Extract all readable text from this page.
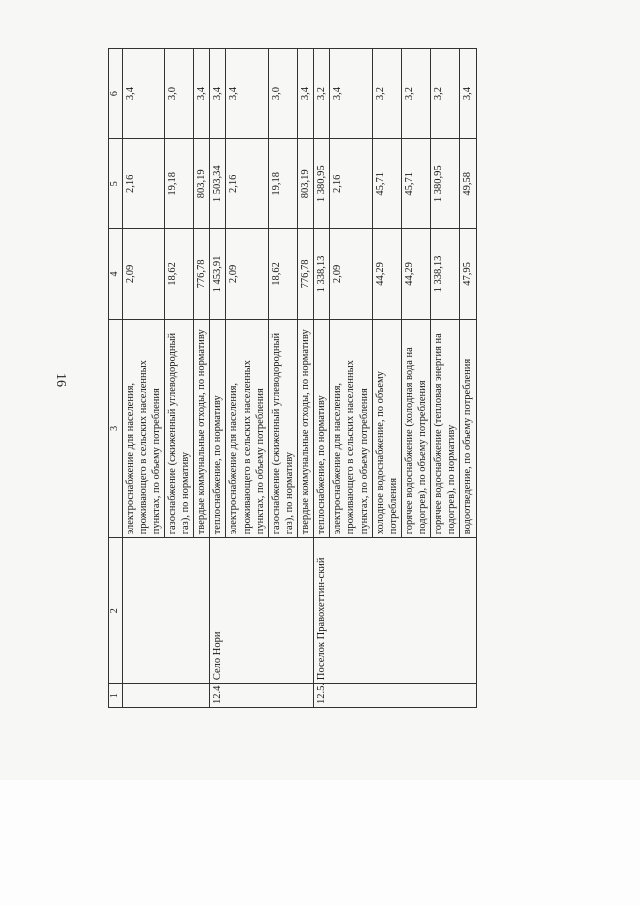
16
1	2	3	4	5	6
		электроснабжение для населения, проживающего в сельских населенных пунктах, по объему потребления	2,09	2,16	3,4
		газоснабжение (сжиженный углеводородный газ), по нормативу	18,62	19,18	3,0
		твердые коммунальные отходы, по нормативу	776,78	803,19	3,4
12.4	Село Нори	теплоснабжение, по нормативу	1 453,91	1 503,34	3,4
		электроснабжение для населения, проживающего в сельских населенных пунктах, по объему потребления	2,09	2,16	3,4
		газоснабжение (сжиженный углеводородный газ), по нормативу	18,62	19,18	3,0
		твердые коммунальные отходы, по нормативу	776,78	803,19	3,4
12.5.	Поселок Правохеттин-ский	теплоснабжение, по нормативу	1 338,13	1 380,95	3,2
		электроснабжение для населения, проживающего в сельских населенных пунктах, по объему потребления	2,09	2,16	3,4
		холодное водоснабжение, по объему потребления	44,29	45,71	3,2
		горячее водоснабжение (холодная вода на подогрев), по объему потребления	44,29	45,71	3,2
		горячее водоснабжение (тепловая энергия на подогрев), по нормативу	1 338,13	1 380,95	3,2
		водоотведение, по объему потребления	47,95	49,58	3,4
